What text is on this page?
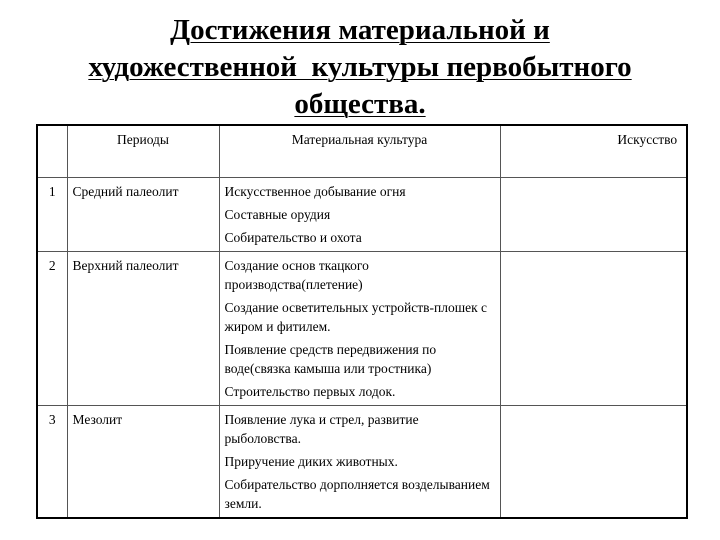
Достижения материальной и
художественной  культуры первобытного
общества.
	Периоды	Материальная культура	Искусство
1	Средний палеолит	Искусственное добывание огня
Составные орудия
Собирательство и охота	

2	Верхний палеолит	Создание основ ткацкого производства(плетение)
Создание осветительных устройств-плошек с жиром и фитилем.
Появление средств передвижения по воде(связка камыша или тростника)
Строительство первых лодок.	

3	Мезолит	Появление лука и стрел, развитие рыболовства.
Приручение диких животных.
Собирательство дорполняется возделыванием земли.	
